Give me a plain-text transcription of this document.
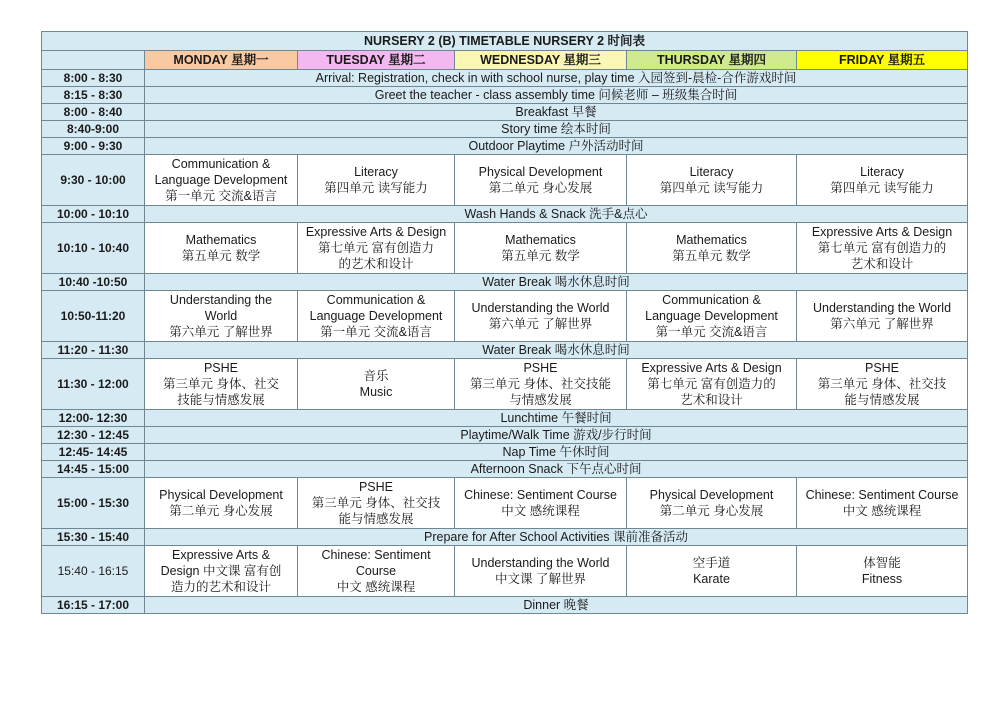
NURSERY 2 (B) TIMETABLE NURSERY 2 时间表					
	MONDAY 星期一	TUESDAY 星期二	WEDNESDAY 星期三	THURSDAY 星期四	FRIDAY 星期五
8:00 - 8:30	Arrival: Registration, check in with school nurse, play time 入园签到-晨检-合作游戏时间				
8:15 - 8:30	Greet the teacher - class assembly time 问候老师 – 班级集合时间				
8:00 - 8:40	Breakfast 早餐				
8:40-9:00	Story time 绘本时间				
9:00 - 9:30	Outdoor Playtime 户外活动时间				
9:30 - 10:00	Communication &
Language Development
第一单元 交流&语言	Literacy
第四单元 读写能力	Physical Development
第二单元 身心发展	Literacy
第四单元 读写能力	Literacy
第四单元 读写能力

10:00 - 10:10	Wash Hands & Snack 洗手&点心				
10:10 - 10:40	Mathematics
第五单元 数学	Expressive Arts & Design
第七单元 富有创造力
的艺术和设计	Mathematics
第五单元 数学	Mathematics
第五单元 数学	Expressive Arts & Design
第七单元 富有创造力的
艺术和设计

10:40 -10:50	Water Break 喝水休息时间				
10:50-11:20	Understanding the
World
第六单元 了解世界	Communication &
Language Development
第一单元 交流&语言	Understanding the World
第六单元 了解世界	Communication &
Language Development
第一单元 交流&语言	Understanding the World
第六单元 了解世界

11:20 - 11:30	Water Break 喝水休息时间				
11:30 - 12:00	PSHE
第三单元 身体、社交
技能与情感发展	音乐
Music	PSHE
第三单元 身体、社交技能
与情感发展	Expressive Arts & Design
第七单元 富有创造力的
艺术和设计	PSHE
第三单元 身体、社交技
能与情感发展

12:00- 12:30	Lunchtime 午餐时间				
12:30 - 12:45	Playtime/Walk Time 游戏/步行时间				
12:45- 14:45	Nap Time 午休时间				
14:45 - 15:00	Afternoon Snack 下午点心时间				
15:00 - 15:30	Physical Development
第二单元 身心发展	PSHE
第三单元 身体、社交技
能与情感发展	Chinese: Sentiment Course
中文 感统课程	Physical Development
第二单元 身心发展	Chinese: Sentiment Course
中文 感统课程

15:30 - 15:40	Prepare for After School Activities 课前准备活动				
15:40 - 16:15	Expressive Arts &
Design 中文课 富有创
造力的艺术和设计	Chinese: Sentiment
Course
中文 感统课程	Understanding the World
中文课 了解世界	空手道
Karate	体智能
Fitness

16:15 - 17:00	Dinner 晚餐				
